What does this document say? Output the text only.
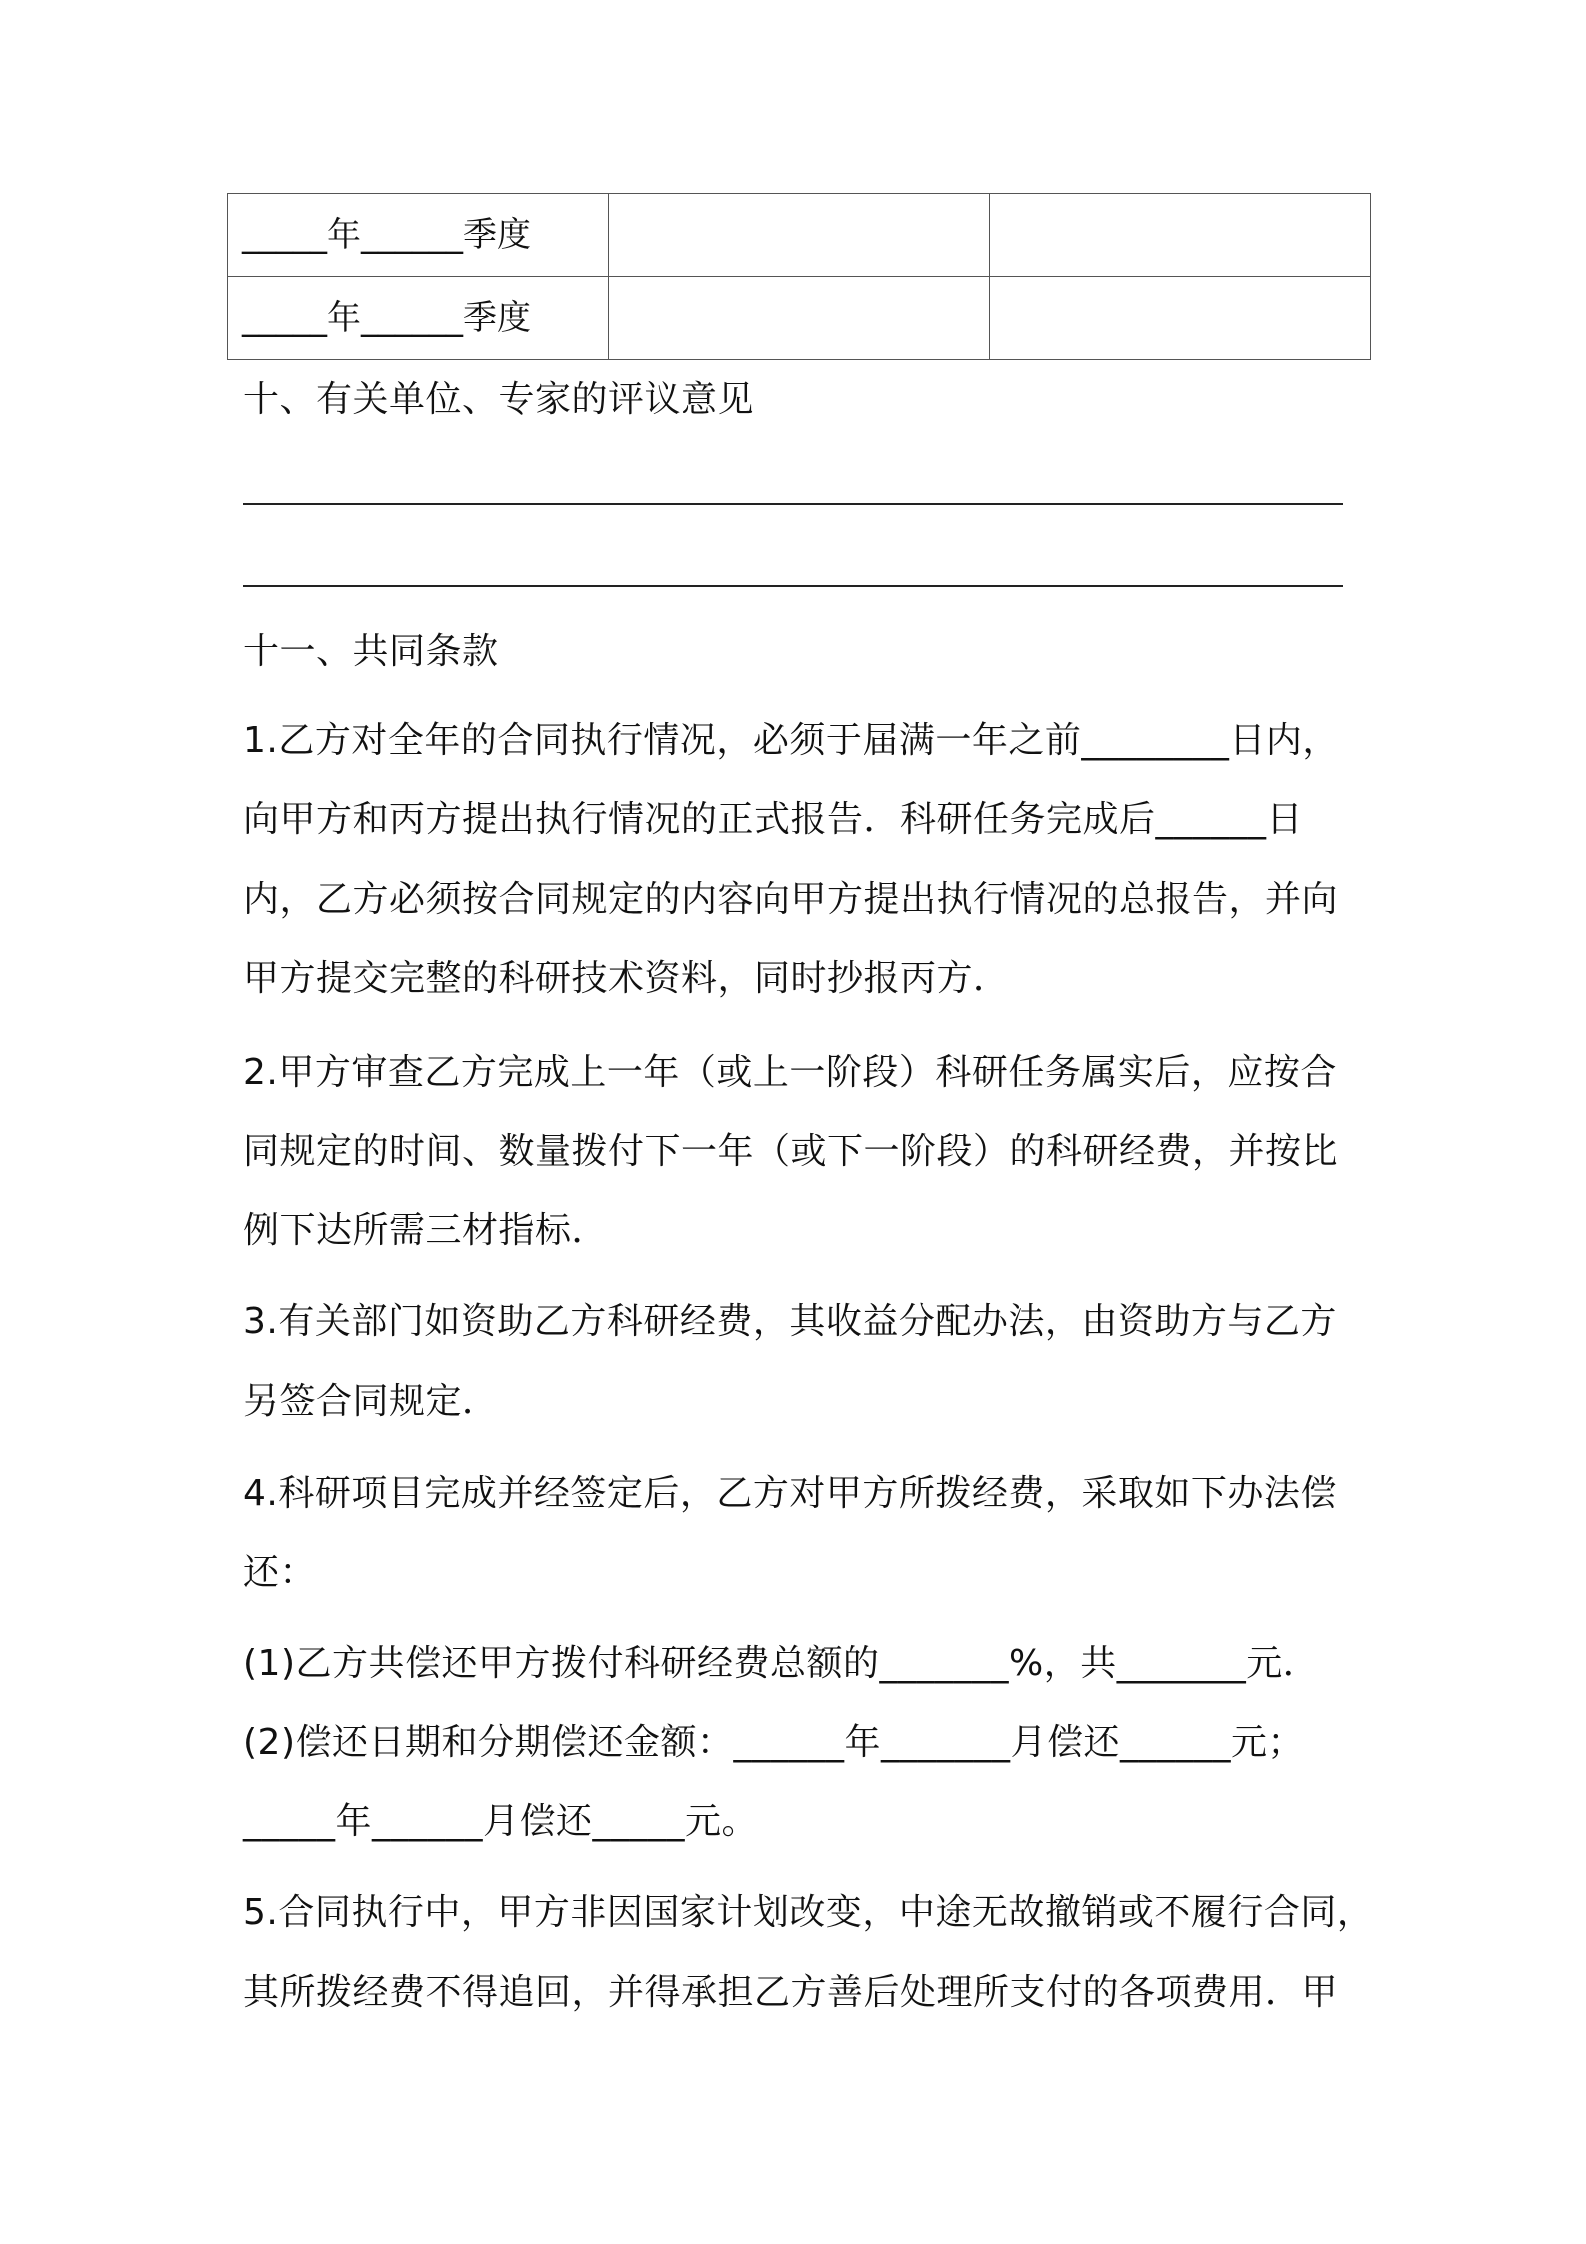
_____年______季度		
_____年______季度		
十、有关单位、专家的评议意见
十一、共同条款
1.乙方对全年的合同执行情况，必须于届满一年之前________日内，
向甲方和丙方提出执行情况的正式报告．科研任务完成后______日
内，乙方必须按合同规定的内容向甲方提出执行情况的总报告，并向
甲方提交完整的科研技术资料，同时抄报丙方．
2.甲方审查乙方完成上一年（或上一阶段）科研任务属实后，应按合
同规定的时间、数量拨付下一年（或下一阶段）的科研经费，并按比
例下达所需三材指标．
3.有关部门如资助乙方科研经费，其收益分配办法，由资助方与乙方
另签合同规定．
4.科研项目完成并经签定后，乙方对甲方所拨经费，采取如下办法偿
还：
(1)乙方共偿还甲方拨付科研经费总额的_______%，共_______元．
(2)偿还日期和分期偿还金额：______年_______月偿还______元；
_____年______月偿还_____元。
5.合同执行中，甲方非因国家计划改变，中途无故撤销或不履行合同，
其所拨经费不得追回，并得承担乙方善后处理所支付的各项费用．甲
